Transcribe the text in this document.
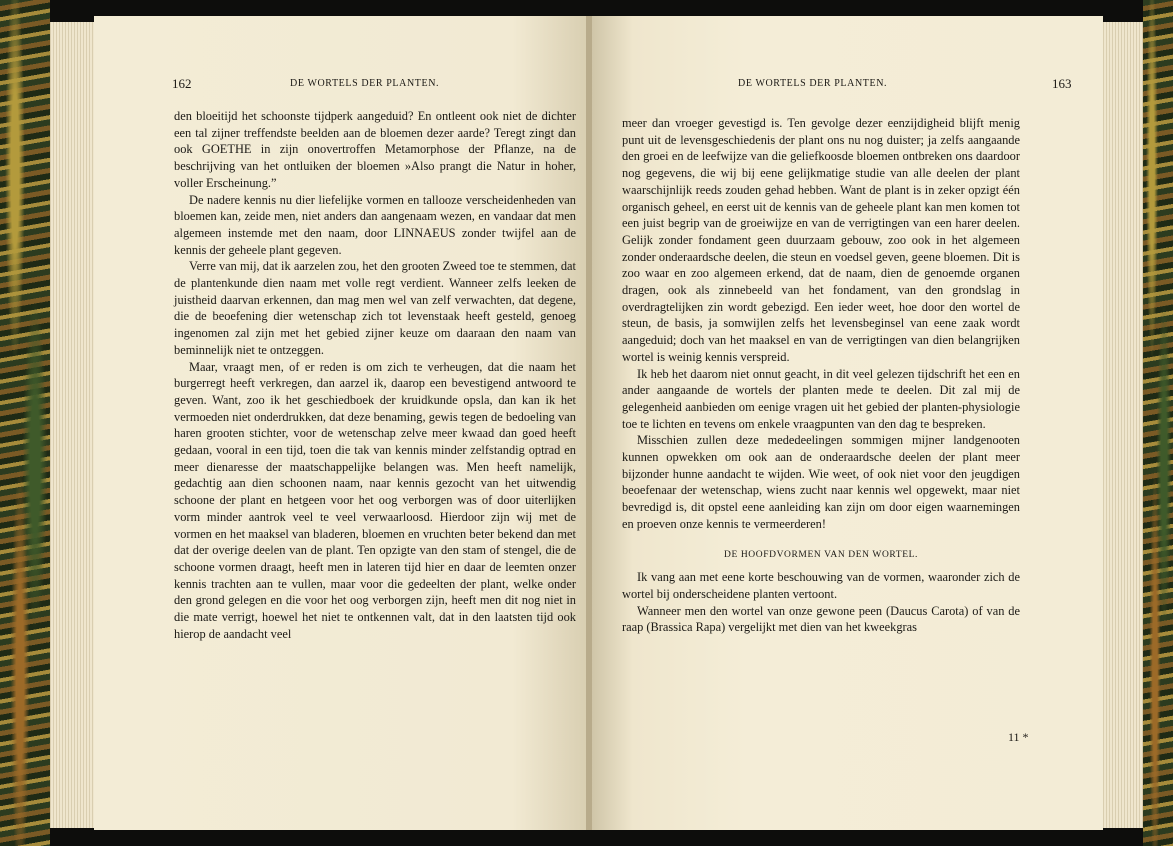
162	DE WORTELS DER PLANTEN.

den bloeitijd het schoonste tijdperk aangeduid? En ontleent ook niet de dichter een tal zijner treffendste beelden aan de bloemen dezer aarde? Teregt zingt dan ook GOETHE in zijn onovertroffen Metamorphose der Pflanze, na de beschrijving van het ontluiken der bloemen »Also prangt die Natur in hoher, voller Erscheinung.”

De nadere kennis nu dier liefelijke vormen en tallooze verscheidenheden van bloemen kan, zeide men, niet anders dan aangenaam wezen, en vandaar dat men algemeen instemde met den naam, door LINNAEUS zonder twijfel aan de kennis der geheele plant gegeven.

Verre van mij, dat ik aarzelen zou, het den grooten Zweed toe te stemmen, dat de plantenkunde dien naam met volle regt verdient. Wanneer zelfs leeken de juistheid daarvan erkennen, dan mag men wel van zelf verwachten, dat degene, die de beoefening dier wetenschap zich tot levenstaak heeft gesteld, genoeg ingenomen zal zijn met het gebied zijner keuze om daaraan den naam van beminnelijk niet te ontzeggen.

Maar, vraagt men, of er reden is om zich te verheugen, dat die naam het burgerregt heeft verkregen, dan aarzel ik, daarop een bevestigend antwoord te geven. Want, zoo ik het geschiedboek der kruidkunde opsla, dan kan ik het vermoeden niet onderdrukken, dat deze benaming, gewis tegen de bedoeling van haren grooten stichter, voor de wetenschap zelve meer kwaad dan goed heeft gedaan, vooral in een tijd, toen die tak van kennis minder zelfstandig optrad en meer dienaresse der maatschappelijke belangen was. Men heeft namelijk, gedachtig aan dien schoonen naam, naar kennis gezocht van het uitwendig schoone der plant en hetgeen voor het oog verborgen was of door uiterlijken vorm minder aantrok veel te veel verwaarloosd. Hierdoor zijn wij met de vormen en het maaksel van bladeren, bloemen en vruchten beter bekend dan met dat der overige deelen van de plant. Ten opzigte van den stam of stengel, die de schoone vormen draagt, heeft men in lateren tijd hier en daar de leemten onzer kennis trachten aan te vullen, maar voor die gedeelten der plant, welke onder den grond gelegen en die voor het oog verborgen zijn, heeft men dit nog niet in die mate verrigt, hoewel het niet te ontkennen valt, dat in den laatsten tijd ook hierop de aandacht veel

DE WORTELS DER PLANTEN.	163

meer dan vroeger gevestigd is. Ten gevolge dezer eenzijdigheid blijft menig punt uit de levensgeschiedenis der plant ons nu nog duister; ja zelfs aangaande den groei en de leefwijze van die geliefkoosde bloemen ontbreken ons daardoor nog gegevens, die wij bij eene gelijkmatige studie van alle deelen der plant waarschijnlijk reeds zouden gehad hebben. Want de plant is in zeker opzigt één organisch geheel, en eerst uit de kennis van de geheele plant kan men komen tot een juist begrip van de groeiwijze en van de verrigtingen van een harer deelen. Gelijk zonder fondament geen duurzaam gebouw, zoo ook in het algemeen zonder onderaardsche deelen, die steun en voedsel geven, geene bloemen. Dit is zoo waar en zoo algemeen erkend, dat de naam, dien de genoemde organen dragen, ook als zinnebeeld van het fondament, van den grondslag in overdragtelijken zin wordt gebezigd. Een ieder weet, hoe door den wortel de steun, de basis, ja somwijlen zelfs het levensbeginsel van eene zaak wordt aangeduid; doch van het maaksel en van de verrigtingen van dien belangrijken wortel is weinig kennis verspreid.

Ik heb het daarom niet onnut geacht, in dit veel gelezen tijdschrift het een en ander aangaande de wortels der planten mede te deelen. Dit zal mij de gelegenheid aanbieden om eenige vragen uit het gebied der planten-physiologie toe te lichten en tevens om enkele vraagpunten van den dag te bespreken.

Misschien zullen deze mededeelingen sommigen mijner landgenooten kunnen opwekken om ook aan de onderaardsche deelen der plant meer bijzonder hunne aandacht te wijden. Wie weet, of ook niet voor den jeugdigen beoefenaar der wetenschap, wiens zucht naar kennis wel opgewekt, maar niet bevredigd is, dit opstel eene aanleiding kan zijn om door eigen waarnemingen en proeven onze kennis te vermeerderen!

DE HOOFDVORMEN VAN DEN WORTEL.

Ik vang aan met eene korte beschouwing van de vormen, waaronder zich de wortel bij onderscheidene planten vertoont.

Wanneer men den wortel van onze gewone peen (Daucus Carota) of van de raap (Brassica Rapa) vergelijkt met dien van het kweekgras

11 *
